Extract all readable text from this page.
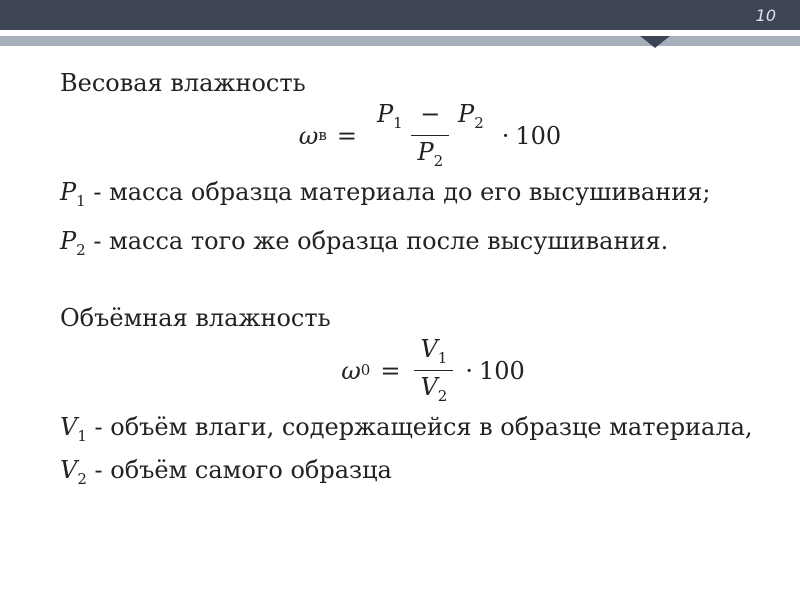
10

Весовая влажность

ω $в = \frac{P_1 - P_2}{P_2} \cdot 100$

$P_1$ - масса образца материала до его высушивания;

$P_2$ - масса того же образца после высушивания.

Объёмная влажность

ω $0 = \frac{V_1}{V_2} \cdot 100$

$V_1$ - объём влаги, содержащейся в образце материала, $V_2$ - объём самого образца
